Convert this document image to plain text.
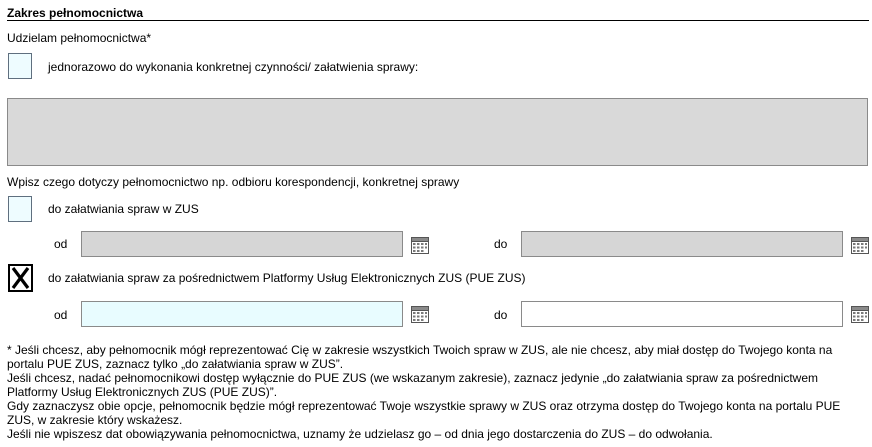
Zakres pełnomocnictwa
Udzielam pełnomocnictwa*
jednorazowo do wykonania konkretnej czynności/ załatwienia sprawy:
Wpisz czego dotyczy pełnomocnictwo np. odbioru korespondencji, konkretnej sprawy
do załatwiania spraw w ZUS
od	do
do załatwiania spraw za pośrednictwem Platformy Usług Elektronicznych ZUS (PUE ZUS)
od	do

* Jeśli chcesz, aby pełnomocnik mógł reprezentować Cię w zakresie wszystkich Twoich spraw w ZUS, ale nie chcesz, aby miał dostęp do Twojego konta na portalu PUE ZUS, zaznacz tylko „do załatwiania spraw w ZUS”.

Jeśli chcesz, nadać pełnomocnikowi dostęp wyłącznie do PUE ZUS (we wskazanym zakresie), zaznacz jedynie „do załatwiania spraw za pośrednictwem Platformy Usług Elektronicznych ZUS (PUE ZUS)”.

Gdy zaznaczysz obie opcje, pełnomocnik będzie mógł reprezentować Twoje wszystkie sprawy w ZUS oraz otrzyma dostęp do Twojego konta na portalu PUE ZUS, w zakresie który wskażesz.

Jeśli nie wpiszesz dat obowiązywania pełnomocnictwa, uznamy że udzielasz go – od dnia jego dostarczenia do ZUS – do odwołania.
